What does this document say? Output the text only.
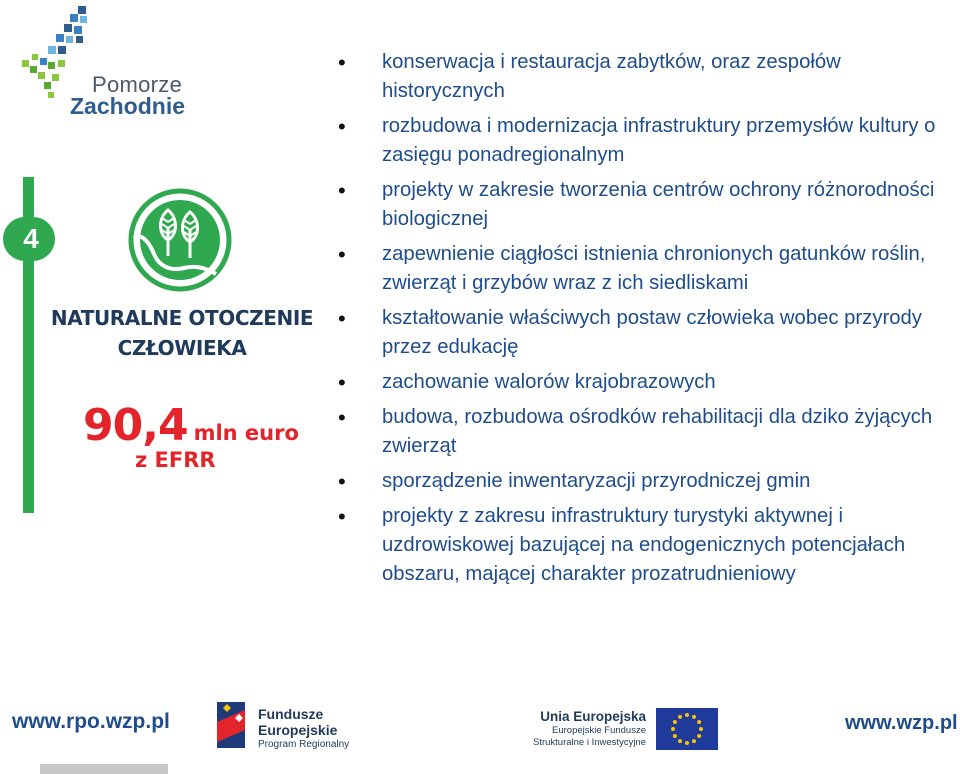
Pomorze
Zachodnie
4
NATURALNE OTOCZENIE
CZŁOWIEKA
90,4 mln euro
z EFRR
• konserwacja i restauracja zabytków, oraz zespołów historycznych
• rozbudowa i modernizacja infrastruktury przemysłów kultury o zasięgu ponadregionalnym
• projekty w zakresie tworzenia centrów ochrony różnorodności biologicznej
• zapewnienie ciągłości istnienia chronionych gatunków roślin, zwierząt i grzybów wraz z ich siedliskami
• kształtowanie właściwych postaw człowieka wobec przyrody przez edukację
• zachowanie walorów krajobrazowych
• budowa, rozbudowa ośrodków rehabilitacji dla dziko żyjących zwierząt
• sporządzenie inwentaryzacji przyrodniczej gmin
• projekty z zakresu infrastruktury turystyki aktywnej i uzdrowiskowej bazującej na endogenicznych potencjałach obszaru, mającej charakter prozatrudnieniowy
www.rpo.wzp.pl	Fundusze
Europejskie
Program Regionalny
Unia Europejska
Europejskie Fundusze
Strukturalne i Inwestycyjne
www.wzp.pl
